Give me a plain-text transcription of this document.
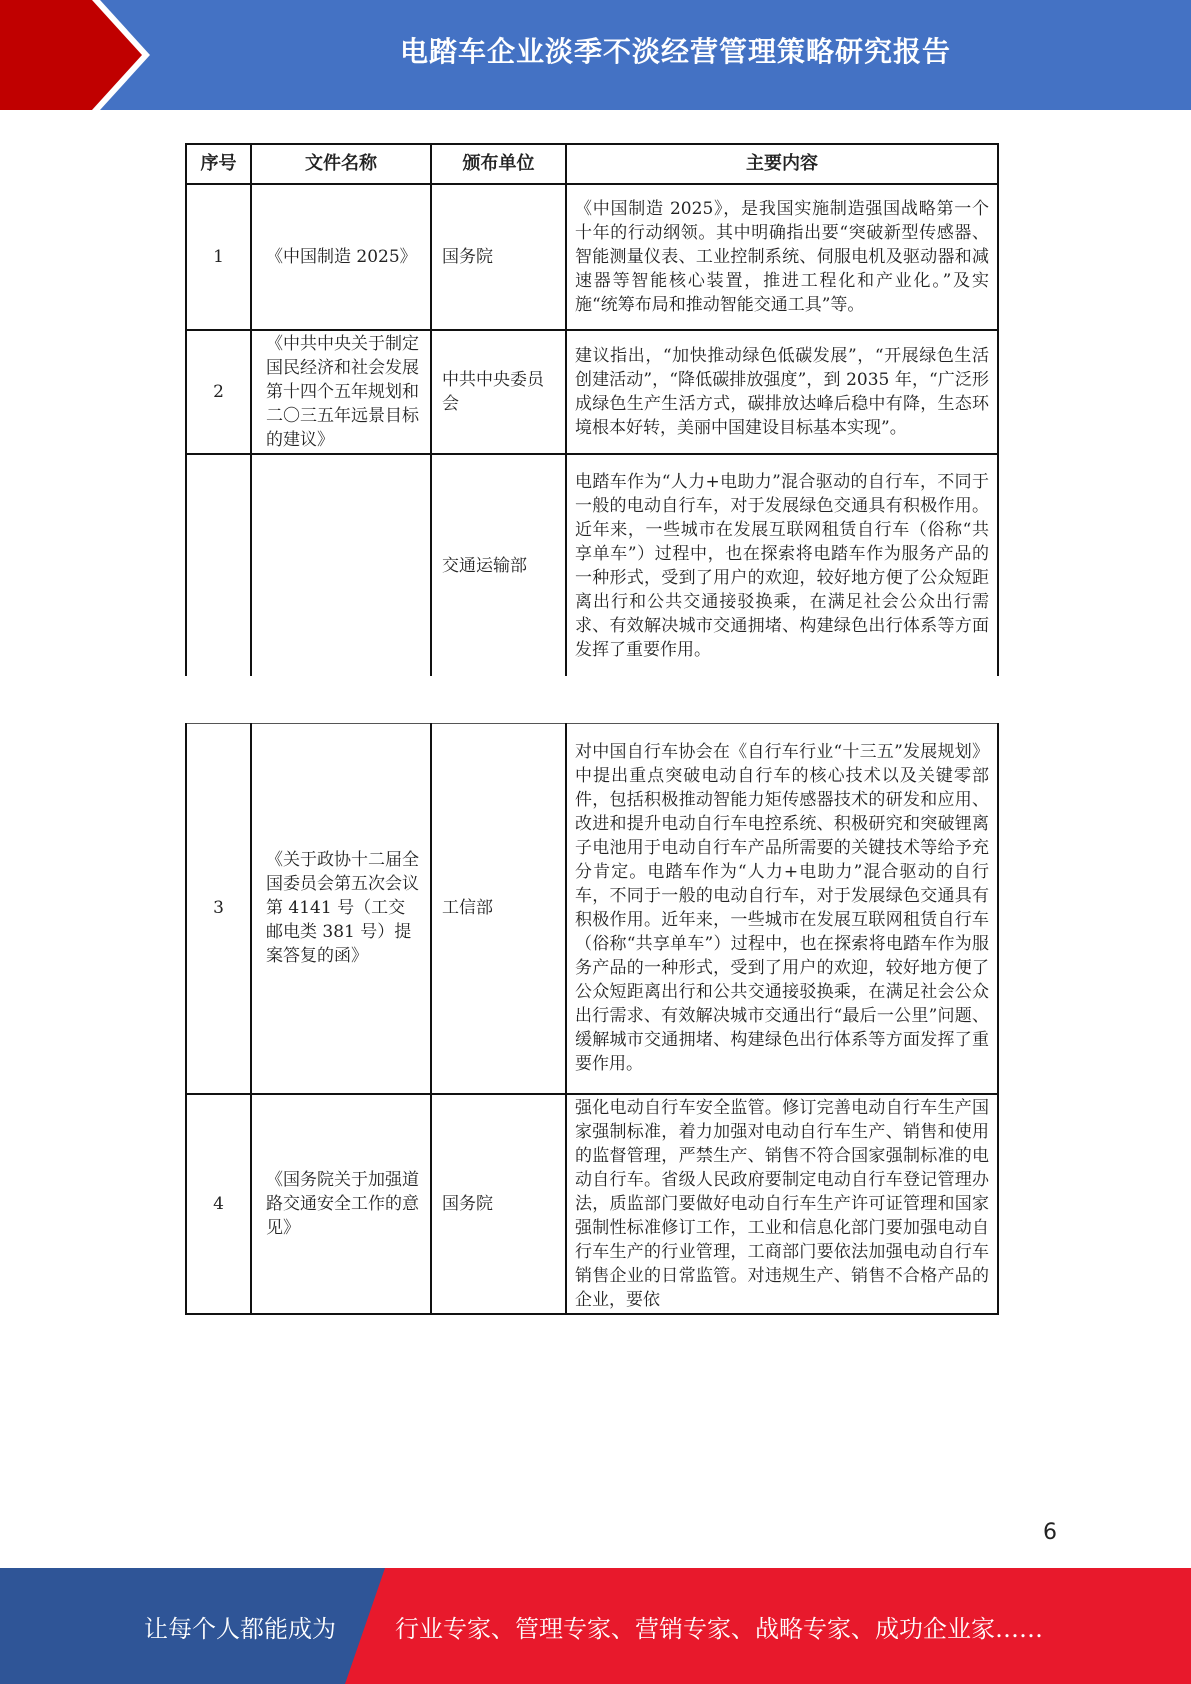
电踏车企业淡季不淡经营管理策略研究报告
序号	文件名称	颁布单位	主要内容
1	《中国制造 2025》	国务院	《中国制造 2025》，是我国实施制造强国战略第一个十年的行动纲领。其中明确指出要“突破新型传感器、智能测量仪表、工业控制系统、伺服电机及驱动器和减速器等智能核心装置，推进工程化和产业化。”及实施“统筹布局和推动智能交通工具”等。
2	《中共中央关于制定国民经济和社会发展第十四个五年规划和二〇三五年远景目标的建议》	中共中央委员会	建议指出，“加快推动绿色低碳发展”，“开展绿色生活创建活动”，“降低碳排放强度”，到 2035 年，“广泛形成绿色生产生活方式，碳排放达峰后稳中有降，生态环境根本好转，美丽中国建设目标基本实现”。
		交通运输部	电踏车作为“人力+电助力”混合驱动的自行车，不同于一般的电动自行车，对于发展绿色交通具有积极作用。近年来，一些城市在发展互联网租赁自行车（俗称“共享单车”）过程中，也在探索将电踏车作为服务产品的一种形式，受到了用户的欢迎，较好地方便了公众短距离出行和公共交通接驳换乘，在满足社会公众出行需求、有效解决城市交通拥堵、构建绿色出行体系等方面发挥了重要作用。
3	《关于政协十二届全国委员会第五次会议第 4141 号（工交邮电类 381 号）提案答复的函》	工信部	对中国自行车协会在《自行车行业“十三五”发展规划》中提出重点突破电动自行车的核心技术以及关键零部件，包括积极推动智能力矩传感器技术的研发和应用、改进和提升电动自行车电控系统、积极研究和突破锂离子电池用于电动自行车产品所需要的关键技术等给予充分肯定。电踏车作为“人力+电助力”混合驱动的自行车，不同于一般的电动自行车，对于发展绿色交通具有积极作用。近年来，一些城市在发展互联网租赁自行车（俗称“共享单车”）过程中，也在探索将电踏车作为服务产品的一种形式，受到了用户的欢迎，较好地方便了公众短距离出行和公共交通接驳换乘，在满足社会公众出行需求、有效解决城市交通出行“最后一公里”问题、缓解城市交通拥堵、构建绿色出行体系等方面发挥了重要作用。
4	《国务院关于加强道路交通安全工作的意见》	国务院	强化电动自行车安全监管。修订完善电动自行车生产国家强制标准，着力加强对电动自行车生产、销售和使用的监督管理，严禁生产、销售不符合国家强制标准的电动自行车。省级人民政府要制定电动自行车登记管理办法，质监部门要做好电动自行车生产许可证管理和国家强制性标准修订工作，工业和信息化部门要加强电动自行车生产的行业管理，工商部门要依法加强电动自行车销售企业的日常监管。对违规生产、销售不合格产品的企业，要依
6
让每个人都能成为	行业专家、管理专家、营销专家、战略专家、成功企业家……
